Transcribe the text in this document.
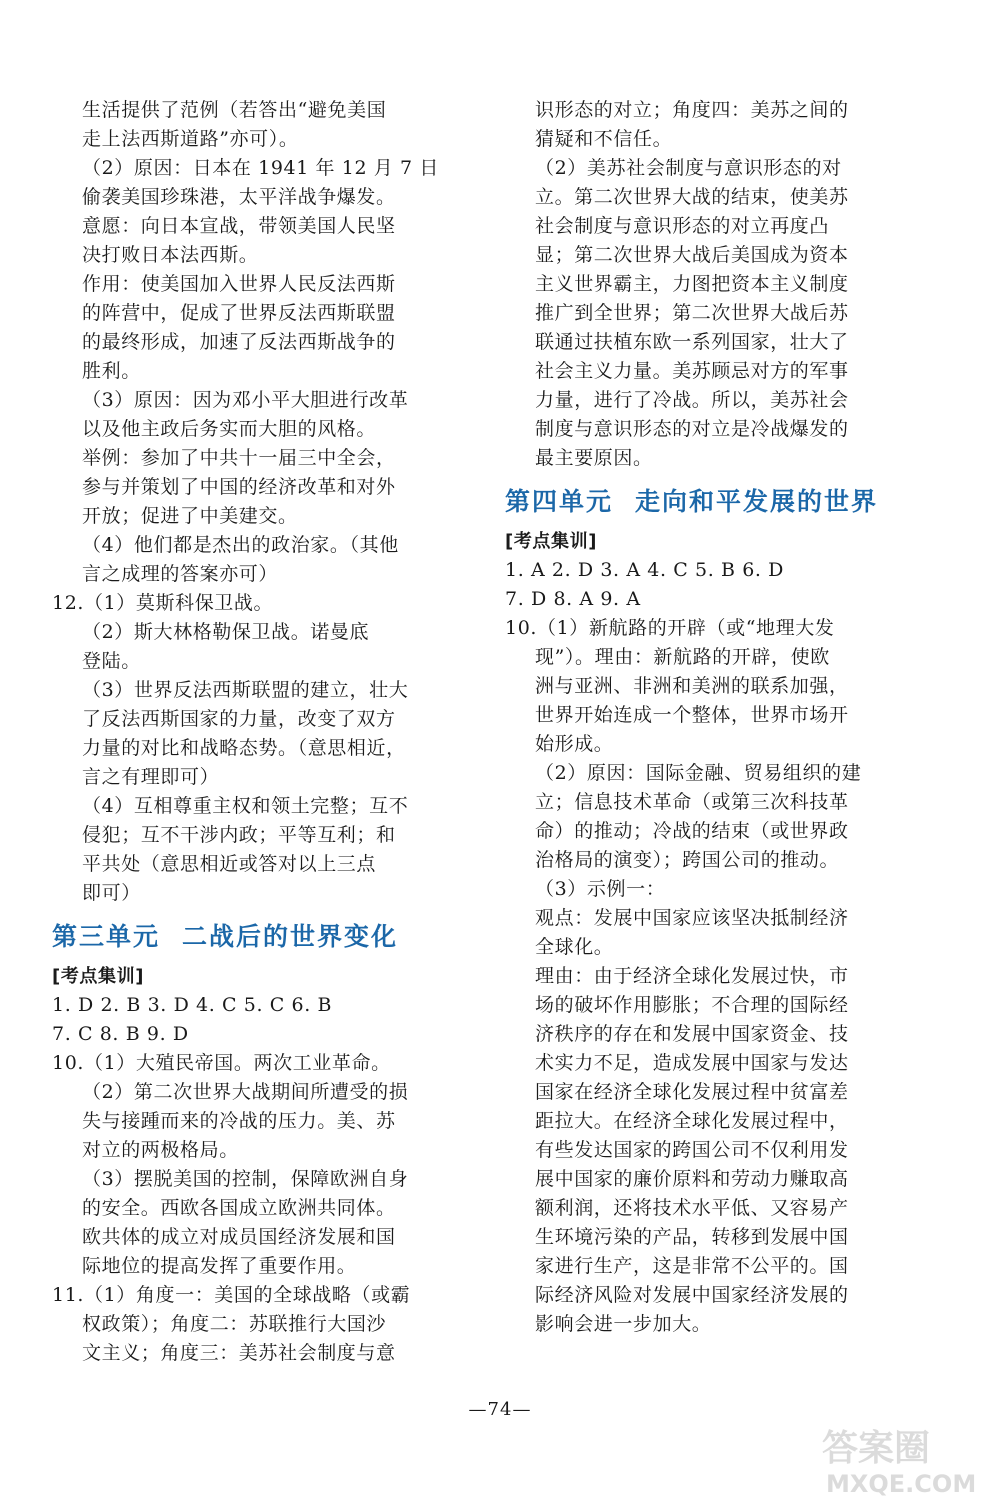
生活提供了范例（若答出“避免美国
走上法西斯道路”亦可）。
（2）原因：日本在 1941 年 12 月 7 日
偷袭美国珍珠港，太平洋战争爆发。
意愿：向日本宣战，带领美国人民坚
决打败日本法西斯。
作用：使美国加入世界人民反法西斯
的阵营中，促成了世界反法西斯联盟
的最终形成，加速了反法西斯战争的
胜利。
（3）原因：因为邓小平大胆进行改革
以及他主政后务实而大胆的风格。
举例：参加了中共十一届三中全会，
参与并策划了中国的经济改革和对外
开放；促进了中美建交。
（4）他们都是杰出的政治家。（其他
言之成理的答案亦可）
12.（1）莫斯科保卫战。
（2）斯大林格勒保卫战。诺曼底
登陆。
（3）世界反法西斯联盟的建立，壮大
了反法西斯国家的力量，改变了双方
力量的对比和战略态势。（意思相近，
言之有理即可）
（4）互相尊重主权和领土完整；互不
侵犯；互不干涉内政；平等互利；和
平共处（意思相近或答对以上三点
即可）
第三单元 二战后的世界变化
[考点集训]
1. D 2. B 3. D 4. C 5. C 6. B
7. C 8. B 9. D
10.（1）大殖民帝国。两次工业革命。
（2）第二次世界大战期间所遭受的损
失与接踵而来的冷战的压力。美、苏
对立的两极格局。
（3）摆脱美国的控制，保障欧洲自身
的安全。西欧各国成立欧洲共同体。
欧共体的成立对成员国经济发展和国
际地位的提高发挥了重要作用。
11.（1）角度一：美国的全球战略（或霸
权政策）；角度二：苏联推行大国沙
文主义；角度三：美苏社会制度与意
识形态的对立；角度四：美苏之间的
猜疑和不信任。
（2）美苏社会制度与意识形态的对
立。第二次世界大战的结束，使美苏
社会制度与意识形态的对立再度凸
显；第二次世界大战后美国成为资本
主义世界霸主，力图把资本主义制度
推广到全世界；第二次世界大战后苏
联通过扶植东欧一系列国家，壮大了
社会主义力量。美苏顾忌对方的军事
力量，进行了冷战。所以，美苏社会
制度与意识形态的对立是冷战爆发的
最主要原因。
第四单元 走向和平发展的世界
[考点集训]
1. A 2. D 3. A 4. C 5. B 6. D
7. D 8. A 9. A
10.（1）新航路的开辟（或“地理大发
现”）。理由：新航路的开辟，使欧
洲与亚洲、非洲和美洲的联系加强，
世界开始连成一个整体，世界市场开
始形成。
（2）原因：国际金融、贸易组织的建
立；信息技术革命（或第三次科技革
命）的推动；冷战的结束（或世界政
治格局的演变）；跨国公司的推动。
（3）示例一：
观点：发展中国家应该坚决抵制经济
全球化。
理由：由于经济全球化发展过快，市
场的破坏作用膨胀；不合理的国际经
济秩序的存在和发展中国家资金、技
术实力不足，造成发展中国家与发达
国家在经济全球化发展过程中贫富差
距拉大。在经济全球化发展过程中，
有些发达国家的跨国公司不仅利用发
展中国家的廉价原料和劳动力赚取高
额利润，还将技术水平低、又容易产
生环境污染的产品，转移到发展中国
家进行生产，这是非常不公平的。国
际经济风险对发展中国家经济发展的
影响会进一步加大。
—74—
答案圈
MXQE.COM
